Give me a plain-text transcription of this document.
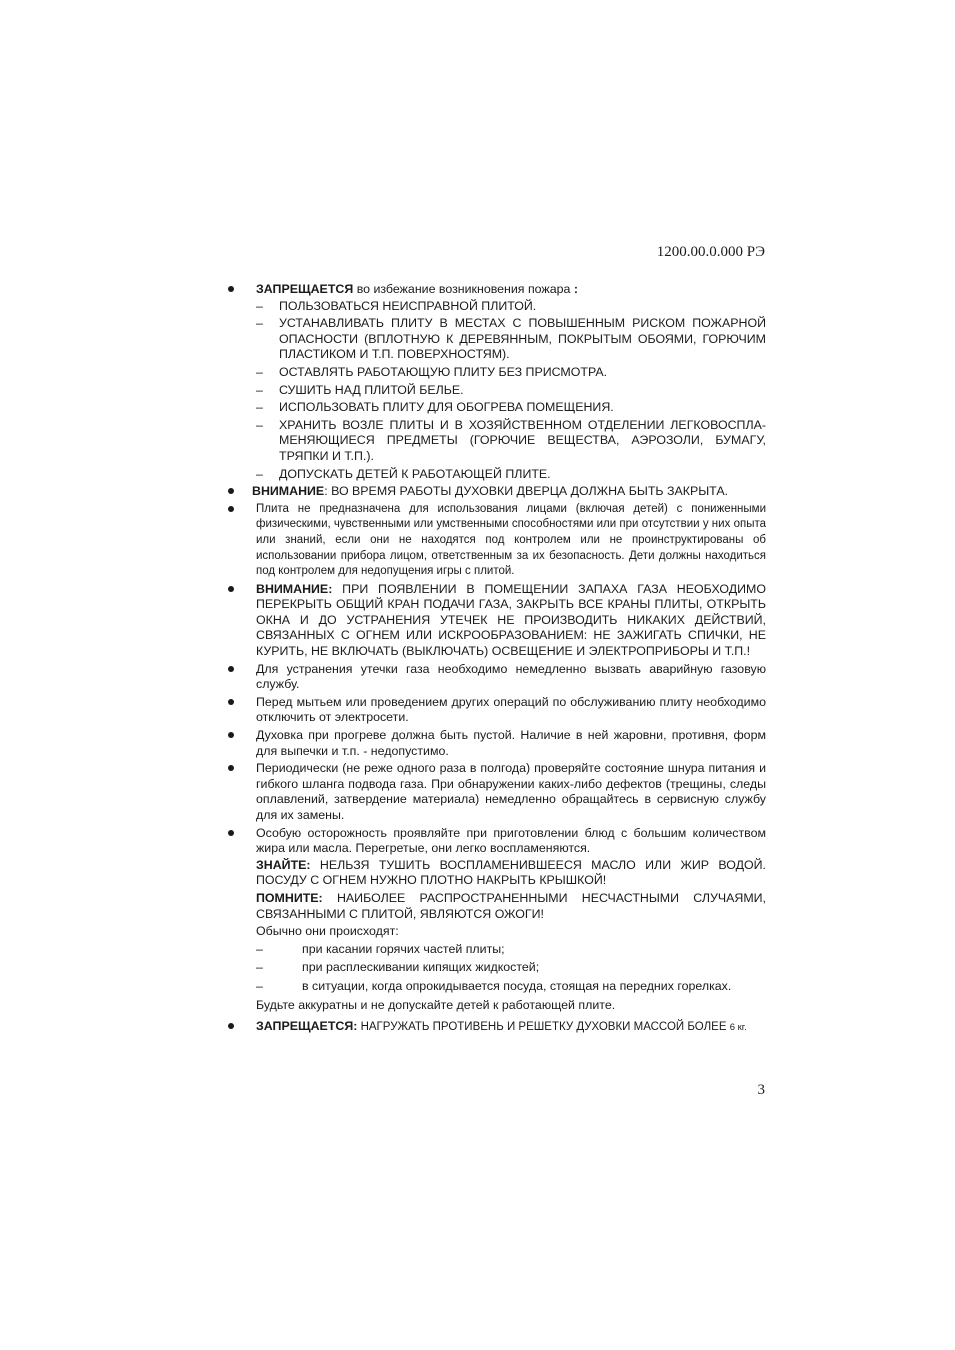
1200.00.0.000 РЭ

ЗАПРЕЩАЕТСЯ во избежание возникновения пожара :

– ПОЛЬЗОВАТЬСЯ НЕИСПРАВНОЙ ПЛИТОЙ.
– УСТАНАВЛИВАТЬ ПЛИТУ В МЕСТАХ С ПОВЫШЕННЫМ РИСКОМ ПОЖАРНОЙ ОПАСНОСТИ (ВПЛОТНУЮ К ДЕРЕВЯННЫМ, ПОКРЫТЫМ ОБОЯМИ, ГОРЮЧИМ ПЛАСТИКОМ И Т.П. ПОВЕРХНОСТЯМ).
– ОСТАВЛЯТЬ РАБОТАЮЩУЮ ПЛИТУ БЕЗ ПРИСМОТРА.
– СУШИТЬ НАД ПЛИТОЙ БЕЛЬЕ.
– ИСПОЛЬЗОВАТЬ ПЛИТУ ДЛЯ ОБОГРЕВА ПОМЕЩЕНИЯ.
– ХРАНИТЬ ВОЗЛЕ ПЛИТЫ И В ХОЗЯЙСТВЕННОМ ОТДЕЛЕНИИ ЛЕГКОВОСПЛА-МЕНЯЮЩИЕСЯ ПРЕДМЕТЫ (ГОРЮЧИЕ ВЕЩЕСТВА, АЭРОЗОЛИ, БУМАГУ, ТРЯПКИ И Т.П.).
– ДОПУСКАТЬ ДЕТЕЙ К РАБОТАЮЩЕЙ ПЛИТЕ.

ВНИМАНИЕ: ВО ВРЕМЯ РАБОТЫ ДУХОВКИ ДВЕРЦА ДОЛЖНА БЫТЬ ЗАКРЫТА.

Плита не предназначена для использования лицами (включая детей) с пониженными физическими, чувственными или умственными способностями или при отсутствии у них опыта или знаний, если они не находятся под контролем или не проинструктированы об использовании прибора лицом, ответственным за их безопасность. Дети должны находиться под контролем для недопущения игры с плитой.

ВНИМАНИЕ: ПРИ ПОЯВЛЕНИИ В ПОМЕЩЕНИИ ЗАПАХА ГАЗА НЕОБХОДИМО ПЕРЕКРЫТЬ ОБЩИЙ КРАН ПОДАЧИ ГАЗА, ЗАКРЫТЬ ВСЕ КРАНЫ ПЛИТЫ, ОТКРЫТЬ ОКНА И ДО УСТРАНЕНИЯ УТЕЧЕК НЕ ПРОИЗВОДИТЬ НИКАКИХ ДЕЙСТВИЙ, СВЯЗАННЫХ С ОГНЕМ ИЛИ ИСКРООБРАЗОВАНИЕМ: НЕ ЗАЖИГАТЬ СПИЧКИ, НЕ КУРИТЬ, НЕ ВКЛЮЧАТЬ (ВЫКЛЮЧАТЬ) ОСВЕЩЕНИЕ И ЭЛЕКТРОПРИБОРЫ И Т.П.!

Для устранения утечки газа необходимо немедленно вызвать аварийную газовую службу.

Перед мытьем или проведением других операций по обслуживанию плиту необходимо отключить от электросети.

Духовка при прогреве должна быть пустой. Наличие в ней жаровни, противня, форм для выпечки и т.п. - недопустимо.

Периодически (не реже одного раза в полгода) проверяйте состояние шнура питания и гибкого шланга подвода газа. При обнаружении каких-либо дефектов (трещины, следы оплавлений, затвердение материала) немедленно обращайтесь в сервисную службу для их замены.

Особую осторожность проявляйте при приготовлении блюд с большим количеством жира или масла. Перегретые, они легко воспламеняются.

ЗНАЙТЕ: НЕЛЬЗЯ ТУШИТЬ ВОСПЛАМЕНИВШЕЕСЯ МАСЛО ИЛИ ЖИР ВОДОЙ. ПОСУДУ С ОГНЕМ НУЖНО ПЛОТНО НАКРЫТЬ КРЫШКОЙ!

ПОМНИТЕ: НАИБОЛЕЕ РАСПРОСТРАНЕННЫМИ НЕСЧАСТНЫМИ СЛУЧАЯМИ, СВЯЗАННЫМИ С ПЛИТОЙ, ЯВЛЯЮТСЯ ОЖОГИ!

Обычно они происходят:

–	при касании горячих частей плиты;
–	при расплескивании кипящих жидкостей;
–	в ситуации, когда опрокидывается посуда, стоящая на передних горелках.

Будьте аккуратны и не допускайте детей к работающей плите.

ЗАПРЕЩАЕТСЯ: НАГРУЖАТЬ ПРОТИВЕНЬ И РЕШЕТКУ ДУХОВКИ МАССОЙ БОЛЕЕ 6 кг.

3
